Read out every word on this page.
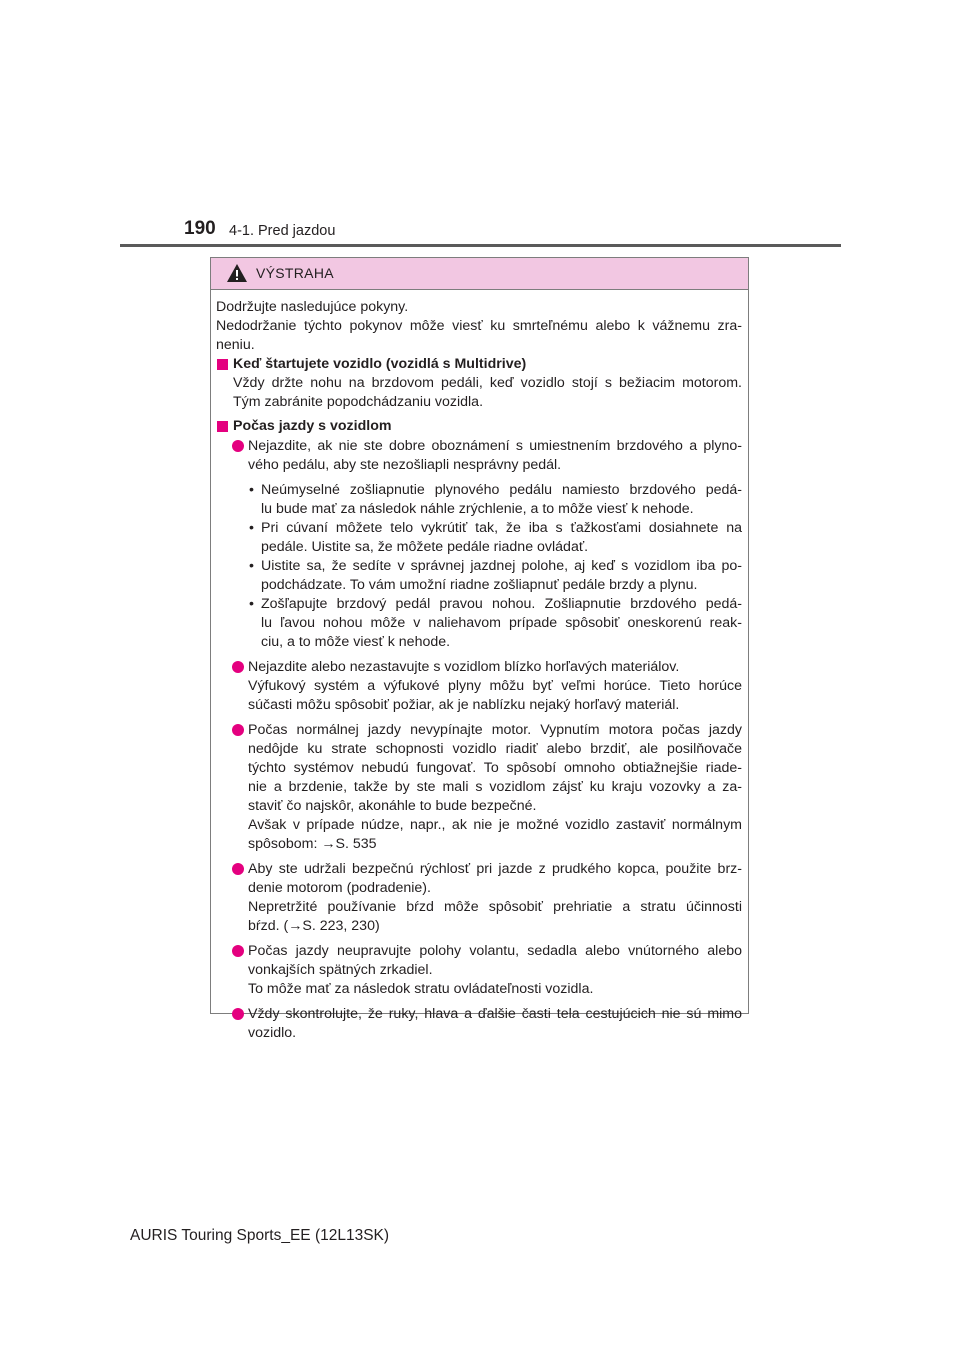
190 4-1. Pred jazdou
VÝSTRAHA

Dodržujte nasledujúce pokyny.
Nedodržanie týchto pokynov môže viesť ku smrteľnému alebo k vážnemu zra-
neniu.

Keď štartujete vozidlo (vozidlá s Multidrive)
Vždy držte nohu na brzdovom pedáli, keď vozidlo stojí s bežiacim motorom.
Tým zabránite popodchádzaniu vozidla.
Počas jazdy s vozidlom
Nejazdite, ak nie ste dobre oboznámení s umiestnením brzdového a plyno-
vého pedálu, aby ste nezošliapli nesprávny pedál.
• Neúmyselné zošliapnutie plynového pedálu namiesto brzdového pedá-
lu bude mať za následok náhle zrýchlenie, a to môže viesť k nehode.
• Pri cúvaní môžete telo vykrútiť tak, že iba s ťažkosťami dosiahnete na
pedále. Uistite sa, že môžete pedále riadne ovládať.
• Uistite sa, že sedíte v správnej jazdnej polohe, aj keď s vozidlom iba po-
podchádzate. To vám umožní riadne zošliapnuť pedále brzdy a plynu.
• Zošľapujte brzdový pedál pravou nohou. Zošliapnutie brzdového pedá-
lu ľavou nohou môže v naliehavom prípade spôsobiť oneskorenú reak-
ciu, a to môže viesť k nehode.
Nejazdite alebo nezastavujte s vozidlom blízko horľavých materiálov.
Výfukový systém a výfukové plyny môžu byť veľmi horúce. Tieto horúce
súčasti môžu spôsobiť požiar, ak je nablízku nejaký horľavý materiál.
Počas normálnej jazdy nevypínajte motor. Vypnutím motora počas jazdy
nedôjde ku strate schopnosti vozidlo riadiť alebo brzdiť, ale posilňovače
týchto systémov nebudú fungovať. To spôsobí omnoho obtiažnejšie riade-
nie a brzdenie, takže by ste mali s vozidlom zájsť ku kraju vozovky a za-
staviť čo najskôr, akonáhle to bude bezpečné.
Avšak v prípade núdze, napr., ak nie je možné vozidlo zastaviť normálnym
spôsobom: →S. 535
Aby ste udržali bezpečnú rýchlosť pri jazde z prudkého kopca, použite brz-
denie motorom (podradenie).
Nepretržité používanie bŕzd môže spôsobiť prehriatie a stratu účinnosti
bŕzd. (→S. 223, 230)
Počas jazdy neupravujte polohy volantu, sedadla alebo vnútorného alebo
vonkajších spätných zrkadiel.
To môže mať za následok stratu ovládateľnosti vozidla.
Vždy skontrolujte, že ruky, hlava a ďalšie časti tela cestujúcich nie sú mimo
vozidlo.
AURIS Touring Sports_EE (12L13SK)
